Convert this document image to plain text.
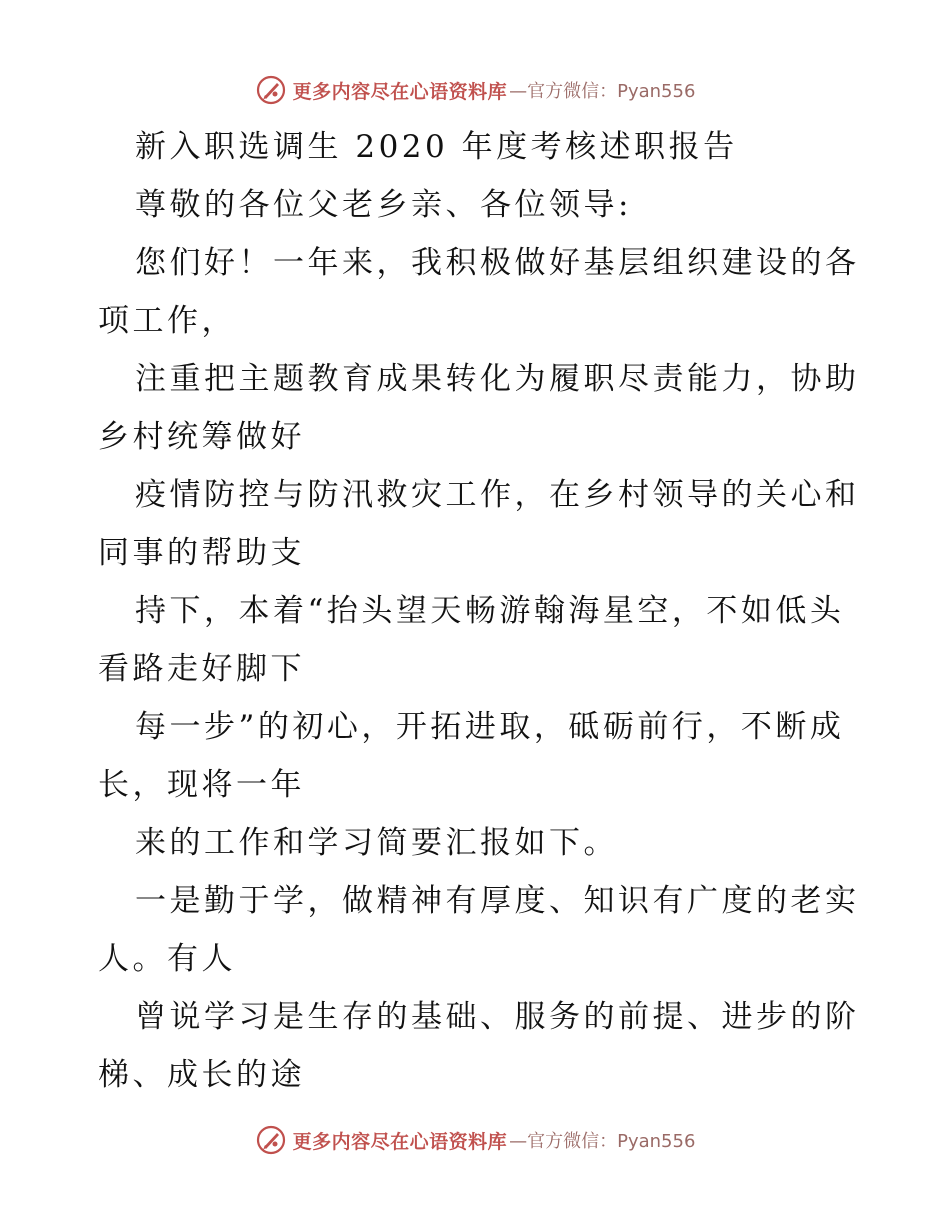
更多内容尽在心语资料库 —官方微信：Pyan556
新入职选调生 2020 年度考核述职报告
尊敬的各位父老乡亲、各位领导:
您们好！一年来，我积极做好基层组织建设的各
项工作，
注重把主题教育成果转化为履职尽责能力，协助
乡村统筹做好
疫情防控与防汛救灾工作，在乡村领导的关心和
同事的帮助支
持下，本着“抬头望天畅游翰海星空，不如低头
看路走好脚下
每一步”的初心，开拓进取，砥砺前行，不断成
长，现将一年
来的工作和学习简要汇报如下。
一是勤于学，做精神有厚度、知识有广度的老实
人。有人
曾说学习是生存的基础、服务的前提、进步的阶
梯、成长的途
更多内容尽在心语资料库 —官方微信：Pyan556
